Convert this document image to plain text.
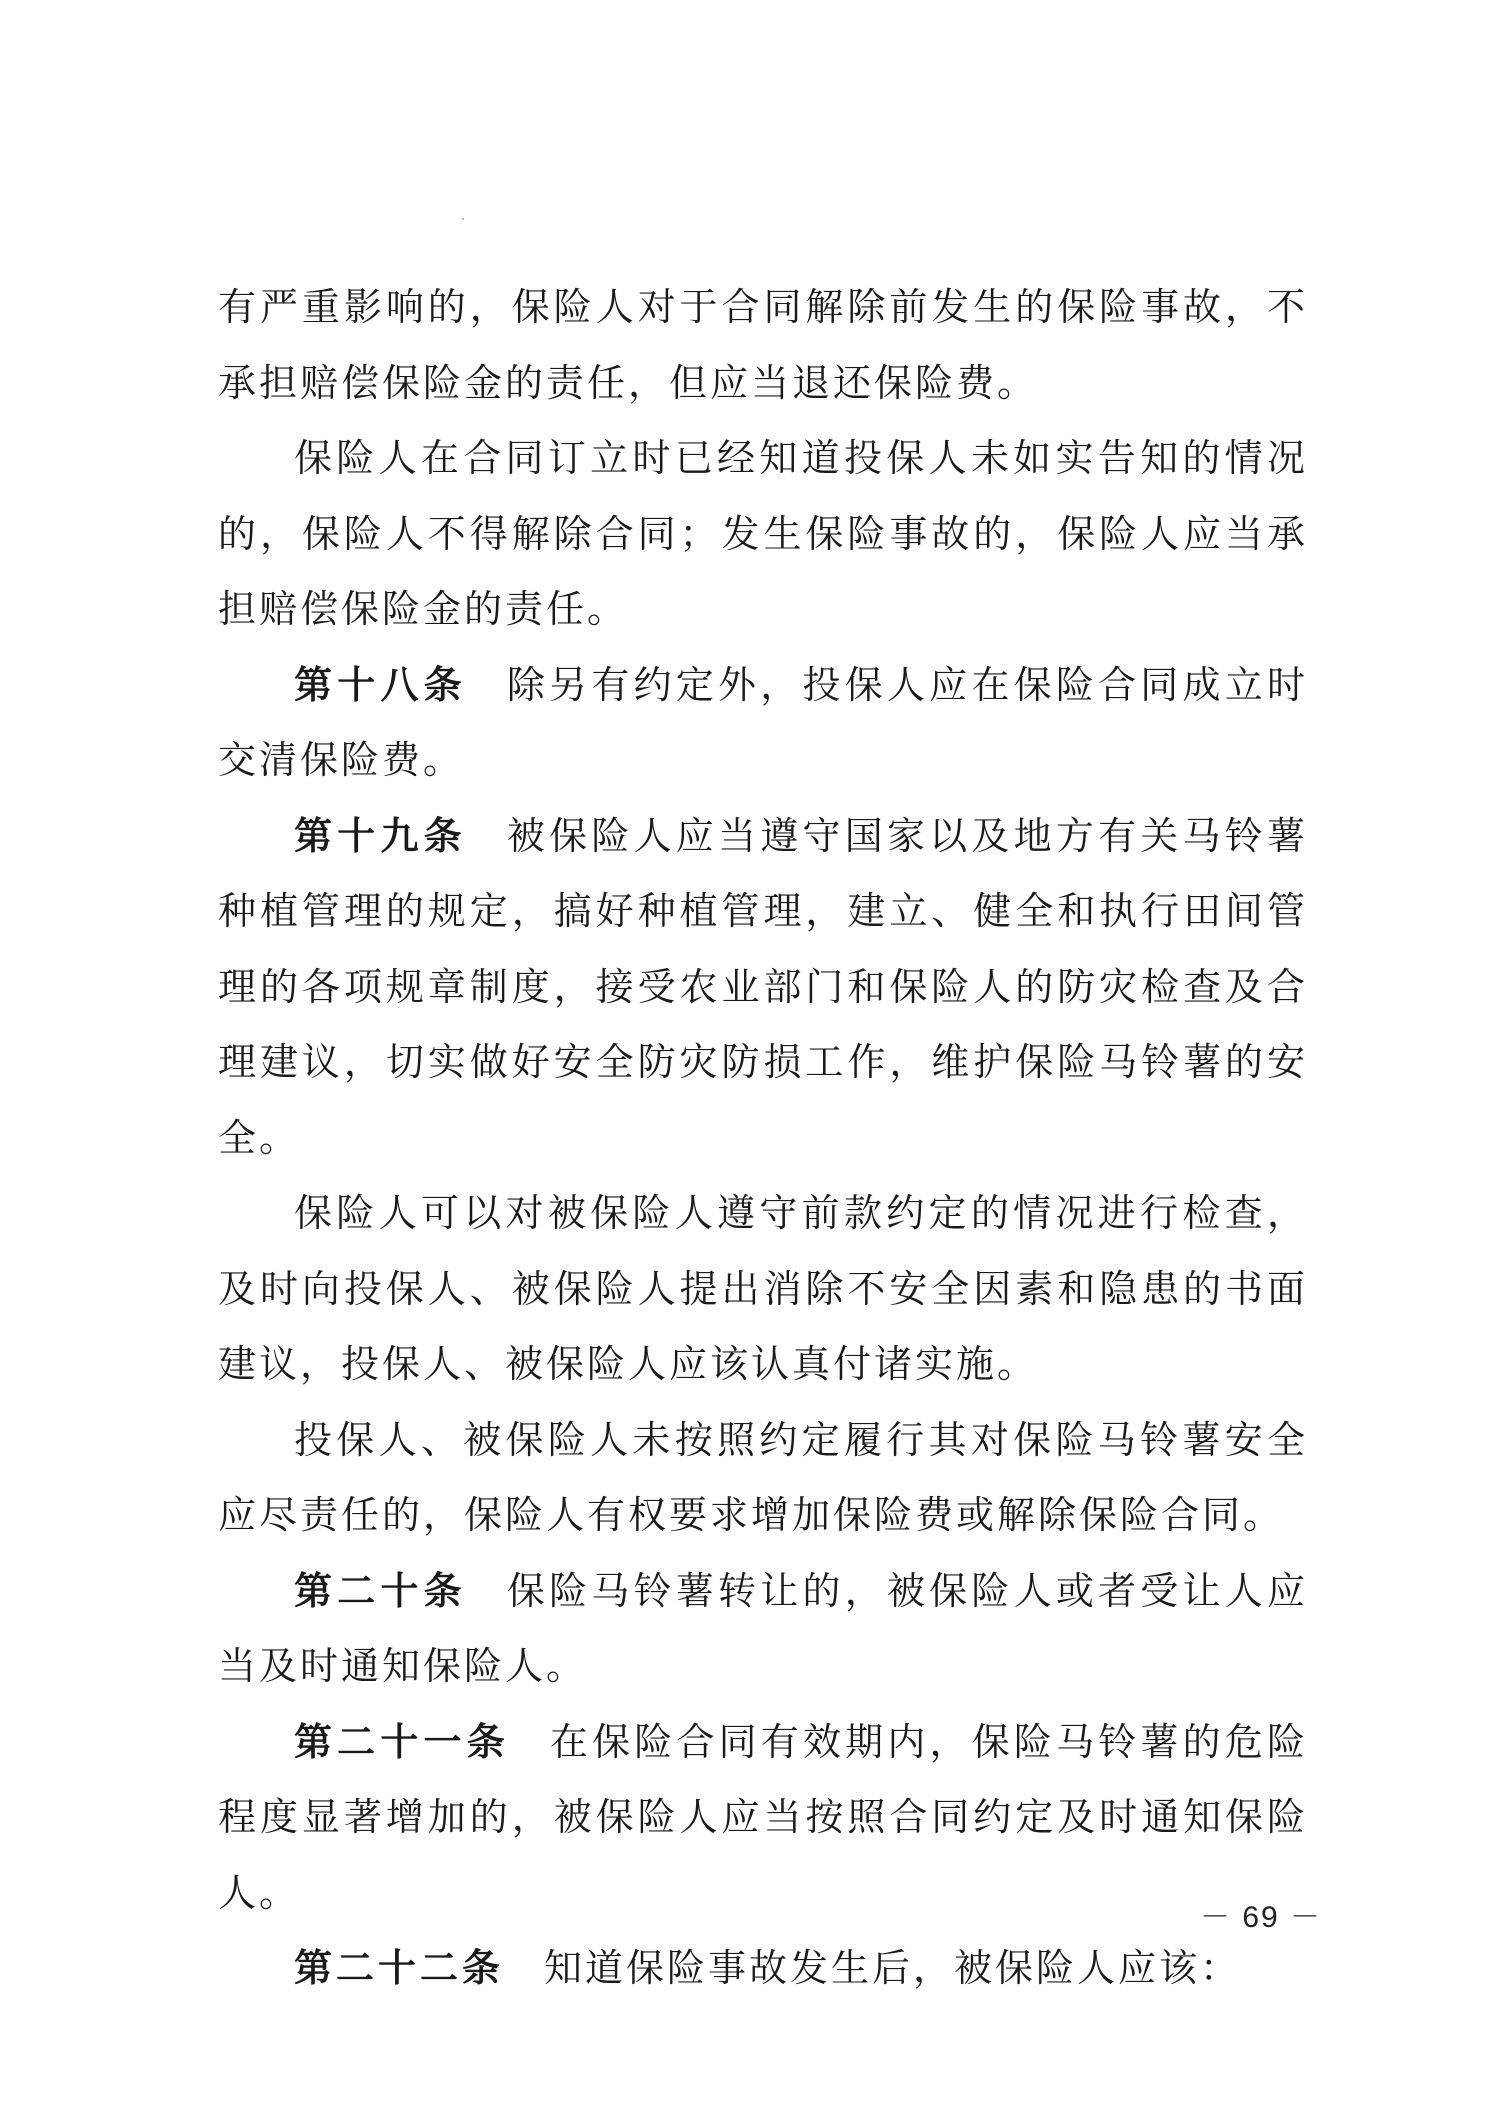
有严重影响的，保险人对于合同解除前发生的保险事故，不承担赔偿保险金的责任，但应当退还保险费。

保险人在合同订立时已经知道投保人未如实告知的情况的，保险人不得解除合同；发生保险事故的，保险人应当承担赔偿保险金的责任。

第十八条 除另有约定外，投保人应在保险合同成立时交清保险费。

第十九条 被保险人应当遵守国家以及地方有关马铃薯种植管理的规定，搞好种植管理，建立、健全和执行田间管理的各项规章制度，接受农业部门和保险人的防灾检查及合理建议，切实做好安全防灾防损工作，维护保险马铃薯的安全。

保险人可以对被保险人遵守前款约定的情况进行检查，及时向投保人、被保险人提出消除不安全因素和隐患的书面建议，投保人、被保险人应该认真付诸实施。

投保人、被保险人未按照约定履行其对保险马铃薯安全应尽责任的，保险人有权要求增加保险费或解除保险合同。

第二十条 保险马铃薯转让的，被保险人或者受让人应当及时通知保险人。

第二十一条 在保险合同有效期内，保险马铃薯的危险程度显著增加的，被保险人应当按照合同约定及时通知保险人。

第二十二条 知道保险事故发生后，被保险人应该：

－ 69 －
